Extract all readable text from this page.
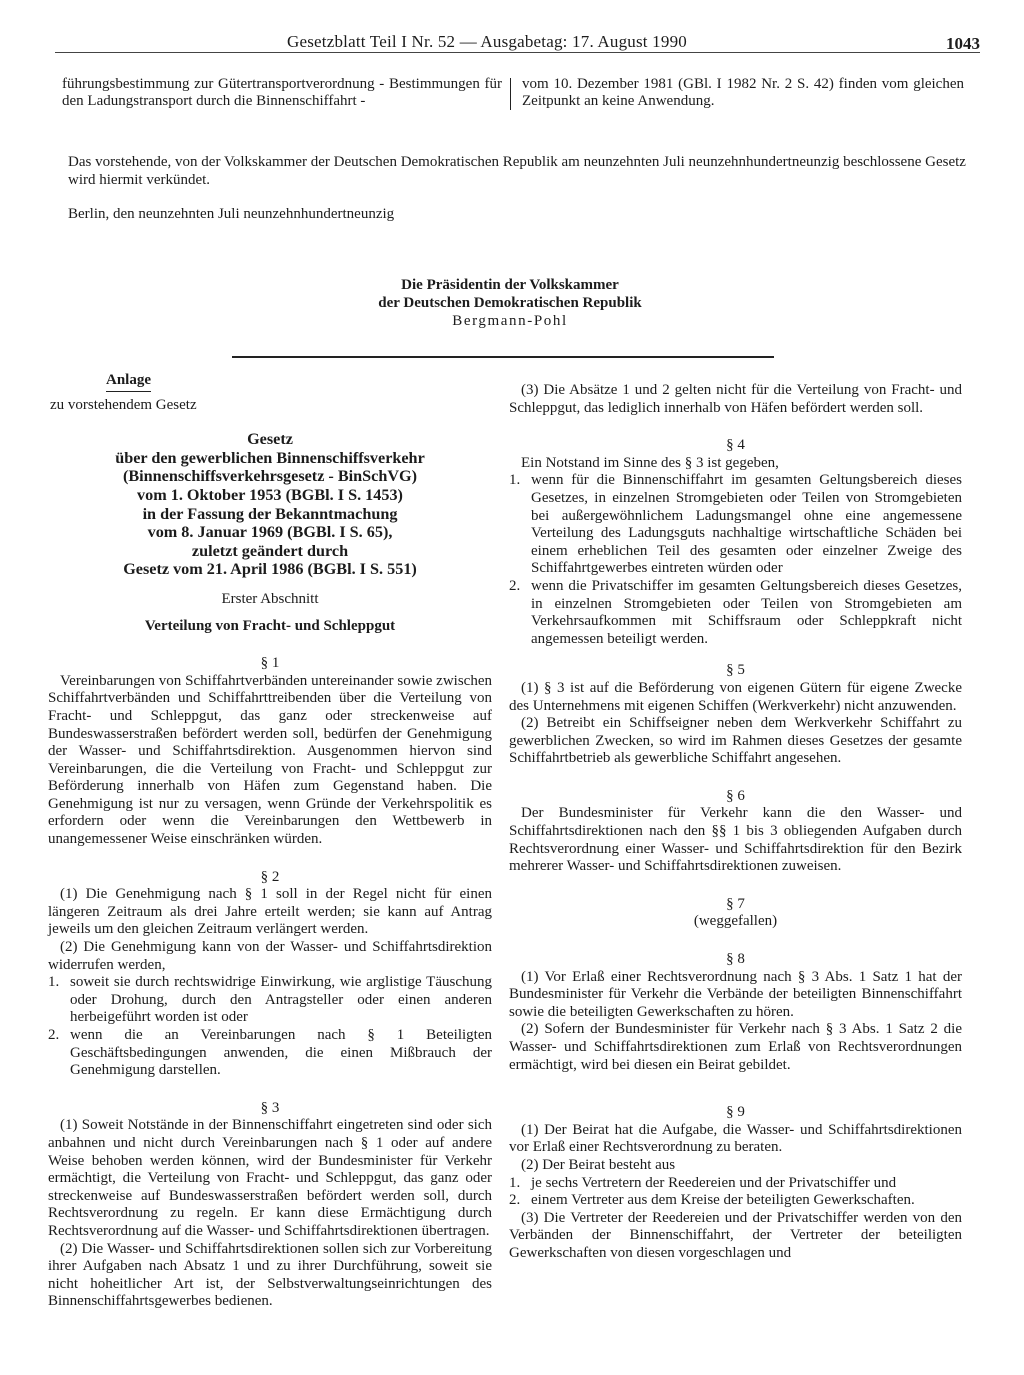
Gesetzblatt Teil I Nr. 52 — Ausgabetag: 17. August 1990	1043

führungsbestimmung zur Gütertransportverordnung - Bestimmungen für den Ladungstransport durch die Binnenschiffahrt -

vom 10. Dezember 1981 (GBl. I 1982 Nr. 2 S. 42) finden vom gleichen Zeitpunkt an keine Anwendung.

Das vorstehende, von der Volkskammer der Deutschen Demokratischen Republik am neunzehnten Juli neunzehnhundertneunzig beschlossene Gesetz wird hiermit verkündet.

Berlin, den neunzehnten Juli neunzehnhundertneunzig

Die Präsidentin der Volkskammer
der Deutschen Demokratischen Republik
Bergmann-Pohl
Anlage

zu vorstehendem Gesetz

Gesetz
über den gewerblichen Binnenschiffsverkehr
(Binnenschiffsverkehrsgesetz - BinSchVG)
vom 1. Oktober 1953 (BGBl. I S. 1453)
in der Fassung der Bekanntmachung
vom 8. Januar 1969 (BGBl. I S. 65),
zuletzt geändert durch
Gesetz vom 21. April 1986 (BGBl. I S. 551)
Erster Abschnitt
Verteilung von Fracht- und Schleppgut
§ 1

Vereinbarungen von Schiffahrtverbänden untereinander sowie zwischen Schiffahrtverbänden und Schiffahrttreibenden über die Verteilung von Fracht- und Schleppgut, das ganz oder streckenweise auf Bundeswasserstraßen befördert werden soll, bedürfen der Genehmigung der Wasser- und Schiffahrtsdirektion. Ausgenommen hiervon sind Vereinbarungen, die die Verteilung von Fracht- und Schleppgut zur Beförderung innerhalb von Häfen zum Gegenstand haben. Die Genehmigung ist nur zu versagen, wenn Gründe der Verkehrspolitik es erfordern oder wenn die Vereinbarungen den Wettbewerb in unangemessener Weise einschränken würden.

§ 2

(1) Die Genehmigung nach § 1 soll in der Regel nicht für einen längeren Zeitraum als drei Jahre erteilt werden; sie kann auf Antrag jeweils um den gleichen Zeitraum verlängert werden.

(2) Die Genehmigung kann von der Wasser- und Schiffahrtsdirektion widerrufen werden,

1. soweit sie durch rechtswidrige Einwirkung, wie arglistige Täuschung oder Drohung, durch den Antragsteller oder einen anderen herbeigeführt worden ist oder
2. wenn die an Vereinbarungen nach § 1 Beteiligten Geschäftsbedingungen anwenden, die einen Mißbrauch der Genehmigung darstellen.
§ 3

(1) Soweit Notstände in der Binnenschiffahrt eingetreten sind oder sich anbahnen und nicht durch Vereinbarungen nach § 1 oder auf andere Weise behoben werden können, wird der Bundesminister für Verkehr ermächtigt, die Verteilung von Fracht- und Schleppgut, das ganz oder streckenweise auf Bundeswasserstraßen befördert werden soll, durch Rechtsverordnung zu regeln. Er kann diese Ermächtigung durch Rechtsverordnung auf die Wasser- und Schiffahrtsdirektionen übertragen.

(2) Die Wasser- und Schiffahrtsdirektionen sollen sich zur Vorbereitung ihrer Aufgaben nach Absatz 1 und zu ihrer Durchführung, soweit sie nicht hoheitlicher Art ist, der Selbstverwaltungseinrichtungen des Binnenschiffahrtsgewerbes bedienen.

(3) Die Absätze 1 und 2 gelten nicht für die Verteilung von Fracht- und Schleppgut, das lediglich innerhalb von Häfen befördert werden soll.

§ 4

Ein Notstand im Sinne des § 3 ist gegeben,

1. wenn für die Binnenschiffahrt im gesamten Geltungsbereich dieses Gesetzes, in einzelnen Stromgebieten oder Teilen von Stromgebieten bei außergewöhnlichem Ladungsmangel ohne eine angemessene Verteilung des Ladungsguts nachhaltige wirtschaftliche Schäden bei einem erheblichen Teil des gesamten oder einzelner Zweige des Schiffahrtgewerbes eintreten würden oder
2. wenn die Privatschiffer im gesamten Geltungsbereich dieses Gesetzes, in einzelnen Stromgebieten oder Teilen von Stromgebieten am Verkehrsaufkommen mit Schiffsraum oder Schleppkraft nicht angemessen beteiligt werden.
§ 5

(1) § 3 ist auf die Beförderung von eigenen Gütern für eigene Zwecke des Unternehmens mit eigenen Schiffen (Werkverkehr) nicht anzuwenden.

(2) Betreibt ein Schiffseigner neben dem Werkverkehr Schiffahrt zu gewerblichen Zwecken, so wird im Rahmen dieses Gesetzes der gesamte Schiffahrtbetrieb als gewerbliche Schiffahrt angesehen.

§ 6

Der Bundesminister für Verkehr kann die den Wasser- und Schiffahrtsdirektionen nach den §§ 1 bis 3 obliegenden Aufgaben durch Rechtsverordnung einer Wasser- und Schiffahrtsdirektion für den Bezirk mehrerer Wasser- und Schiffahrtsdirektionen zuweisen.

§ 7
(weggefallen)
§ 8

(1) Vor Erlaß einer Rechtsverordnung nach § 3 Abs. 1 Satz 1 hat der Bundesminister für Verkehr die Verbände der beteiligten Binnenschiffahrt sowie die beteiligten Gewerkschaften zu hören.

(2) Sofern der Bundesminister für Verkehr nach § 3 Abs. 1 Satz 2 die Wasser- und Schiffahrtsdirektionen zum Erlaß von Rechtsverordnungen ermächtigt, wird bei diesen ein Beirat gebildet.

§ 9

(1) Der Beirat hat die Aufgabe, die Wasser- und Schiffahrtsdirektionen vor Erlaß einer Rechtsverordnung zu beraten.

(2) Der Beirat besteht aus

1. je sechs Vertretern der Reedereien und der Privatschiffer und
2. einem Vertreter aus dem Kreise der beteiligten Gewerkschaften.

(3) Die Vertreter der Reedereien und der Privatschiffer werden von den Verbänden der Binnenschiffahrt, der Vertreter der beteiligten Gewerkschaften von diesen vorgeschlagen und
